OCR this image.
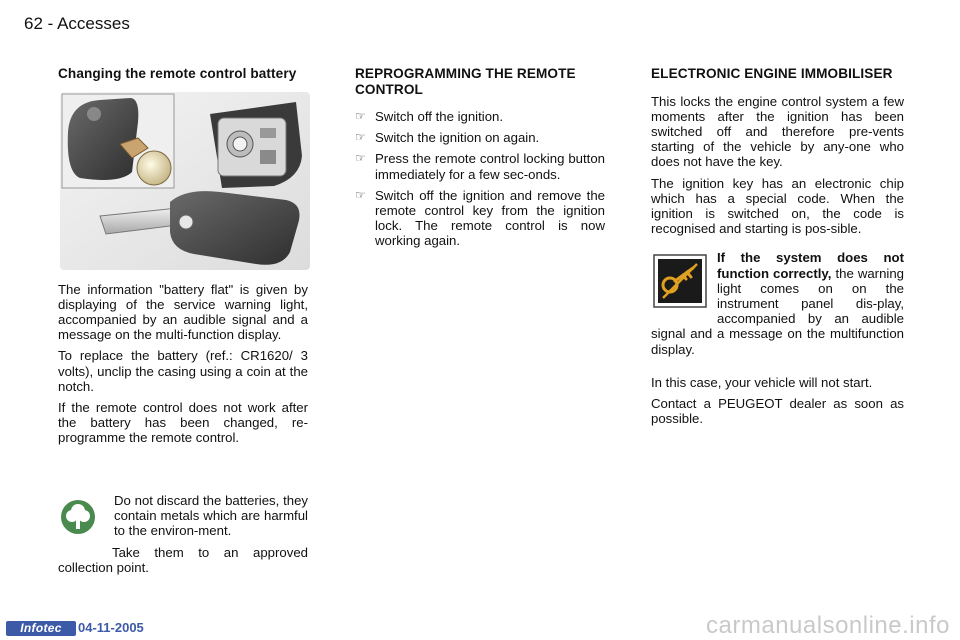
62 - Accesses
Changing the remote control battery

The information "battery flat" is given by displaying of the service warning light, accompanied by an audible signal and a message on the multi-function display.

To replace the battery (ref.: CR1620/ 3 volts), unclip the casing using a coin at the notch.

If the remote control does not work after the battery has been changed, re-programme the remote control.

Do not discard the batteries, they contain metals which are harmful to the environ-ment.

Take them to an approved collection point.

REPROGRAMMING THE REMOTE CONTROL
☞ Switch off the ignition.
☞ Switch the ignition on again.
☞ Press the remote control locking button immediately for a few sec-onds.
☞ Switch off the ignition and remove the remote control key from the ignition lock. The remote control is now working again.
ELECTRONIC ENGINE IMMOBILISER

This locks the engine control system a few moments after the ignition has been switched off and therefore pre-vents starting of the vehicle by any-one who does not have the key.

The ignition key has an electronic chip which has a special code. When the ignition is switched on, the code is recognised and starting is pos-sible.

If the system does not function correctly, the warning light comes on on the instrument panel dis-play, accompanied by an audible signal and a message on the multifunction display.

In this case, your vehicle will not start.

Contact a PEUGEOT dealer as soon as possible.

Infotec	04-11-2005	carmanualsonline.info
